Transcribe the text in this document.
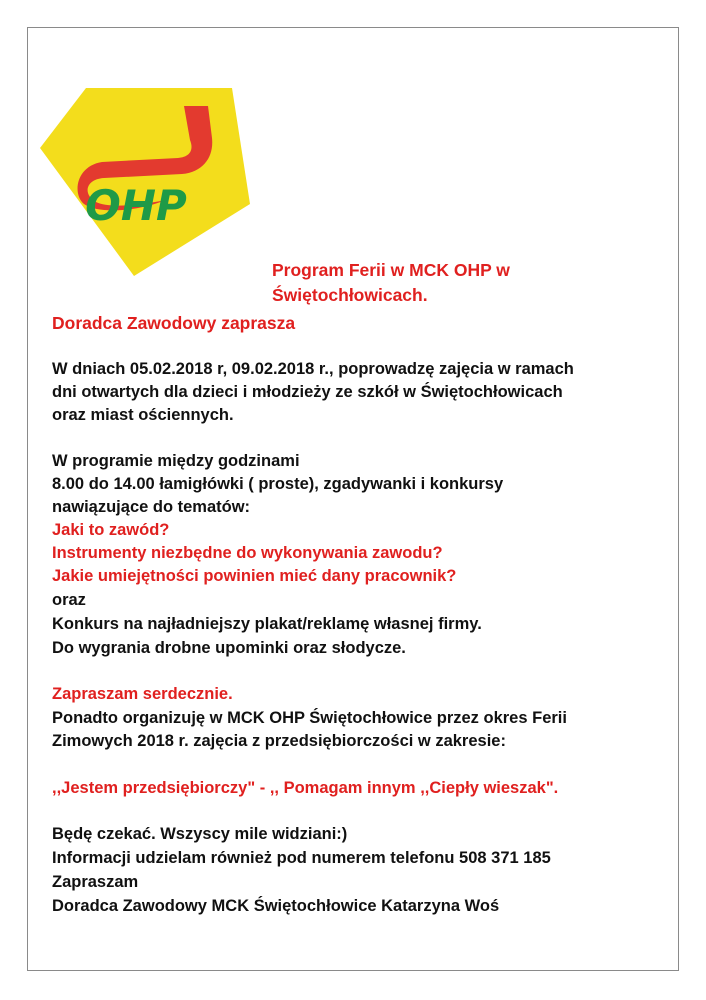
OHP
Program Ferii w MCK OHP w
Świętochłowicach.
Doradca Zawodowy zaprasza

W dniach 05.02.2018 r, 09.02.2018 r., poprowadzę zajęcia w ramach

dni otwartych dla dzieci i młodzieży ze szkół w Świętochłowicach

oraz miast ościennych.

W programie między godzinami

8.00 do 14.00 łamigłówki ( proste), zgadywanki i konkursy

nawiązujące do tematów:

Jaki to zawód?

Instrumenty niezbędne do wykonywania zawodu?

Jakie umiejętności powinien mieć dany pracownik?

oraz

Konkurs na najładniejszy plakat/reklamę własnej firmy.

Do wygrania drobne upominki oraz słodycze.

Zapraszam serdecznie.

Ponadto organizuję w MCK OHP Świętochłowice przez okres Ferii

Zimowych 2018 r. zajęcia z przedsiębiorczości w zakresie:

,,Jestem przedsiębiorczy" - ,, Pomagam innym ,,Ciepły wieszak".

Będę czekać. Wszyscy mile widziani:)

Informacji udzielam również pod numerem telefonu 508 371 185

Zapraszam

Doradca Zawodowy MCK Świętochłowice Katarzyna Woś
